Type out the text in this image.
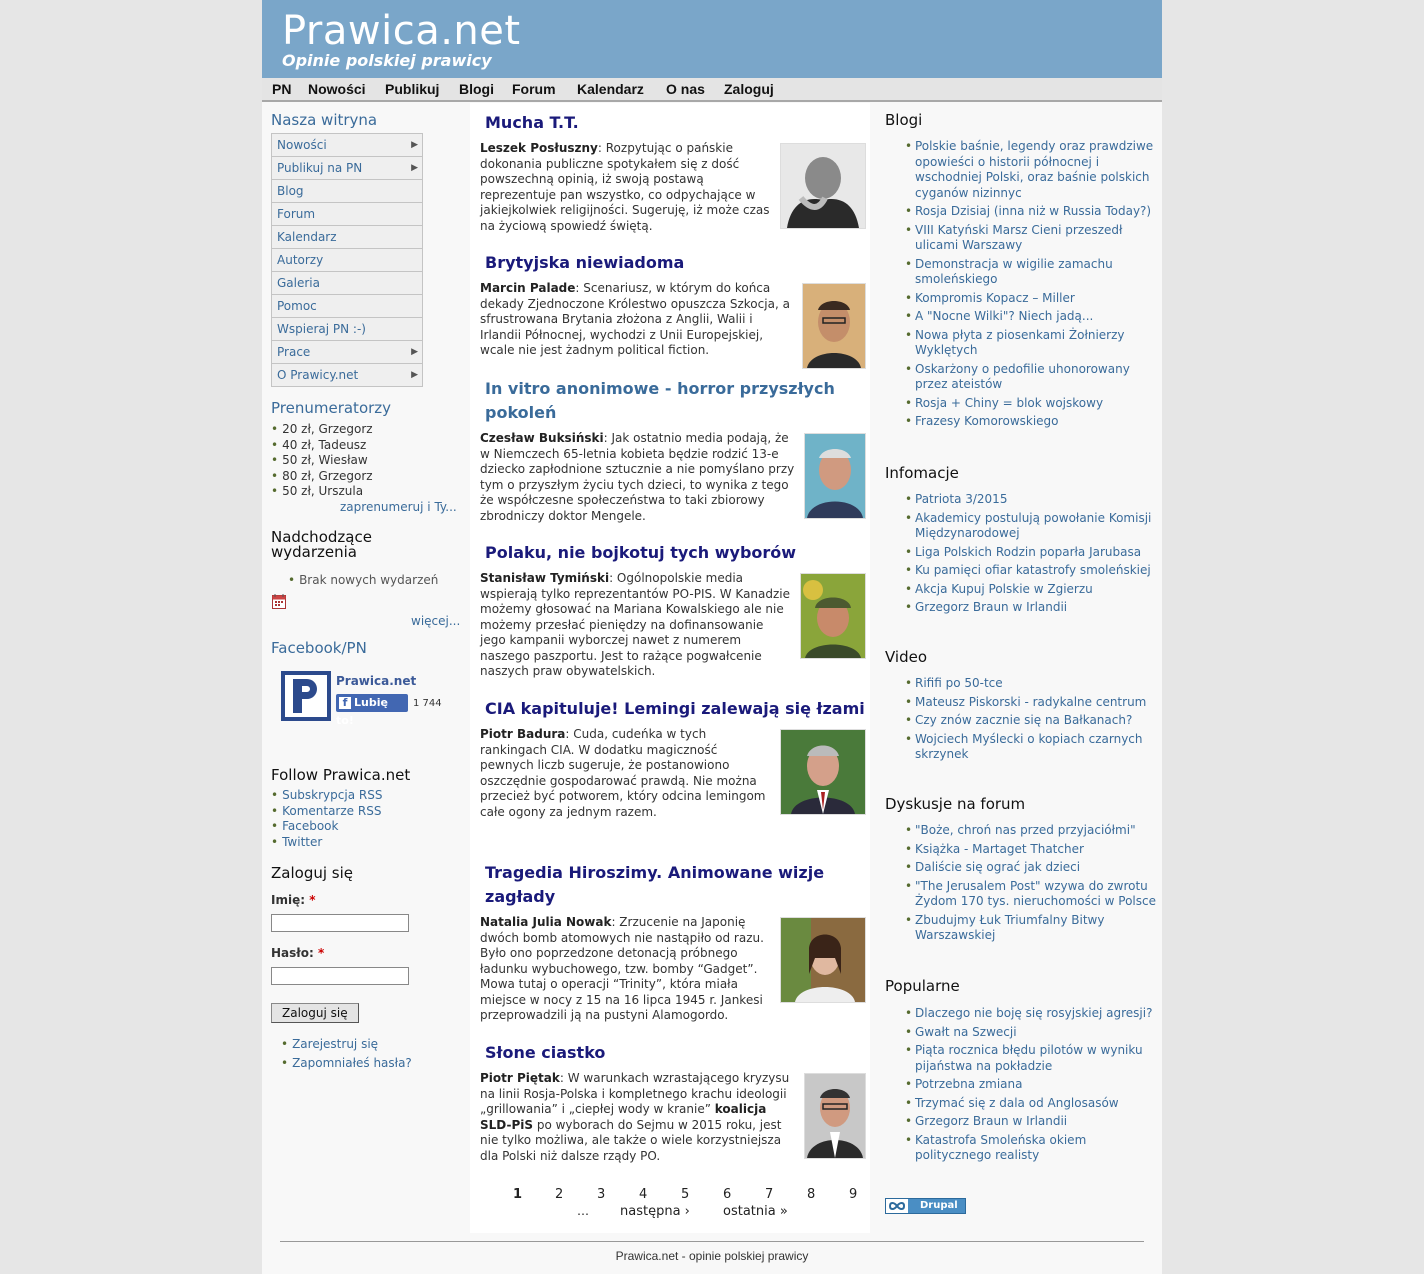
Prawica.net
Opinie polskiej prawicy
PN Nowości Publikuj Blogi Forum Kalendarz O nas Zaloguj
Nasza witryna
Nowości	▶
Publikuj na PN	▶
Blog
Forum
Kalendarz
Autorzy
Galeria
Pomoc
Wspieraj PN :-)
Prace	▶
O Prawicy.net	▶
Prenumeratorzy
• 20 zł, Grzegorz
• 40 zł, Tadeusz
• 50 zł, Wiesław
• 80 zł, Grzegorz
• 50 zł, Urszula
zaprenumeruj i Ty...
Nadchodzące wydarzenia
• Brak nowych wydarzeń
więcej...
Facebook/PN
Prawica.net
f Lubię to!
1 744
Follow Prawica.net
• Subskrypcja RSS
• Komentarze RSS
• Facebook
• Twitter
Zaloguj się
Imię: *
Hasło: *
Zaloguj się
• Zarejestruj się
• Zapomniałeś hasła?
Mucha T.T.
Leszek Posłuszny: Rozpytując o pańskie dokonania publiczne spotykałem się z dość powszechną opinią, iż swoją postawą reprezentuje pan wszystko, co odpychające w jakiejkolwiek religijności. Sugeruję, iż może czas na życiową spowiedź świętą.
Brytyjska niewiadoma
Marcin Palade: Scenariusz, w którym do końca dekady Zjednoczone Królestwo opuszcza Szkocja, a sfrustrowana Brytania złożona z Anglii, Walii i Irlandii Północnej, wychodzi z Unii Europejskiej, wcale nie jest żadnym political fiction.
In vitro anonimowe - horror przyszłych pokoleń
Czesław Buksiński: Jak ostatnio media podają, że w Niemczech 65-letnia kobieta będzie rodzić 13-e dziecko zapłodnione sztucznie a nie pomyślano przy tym o przyszłym życiu tych dzieci, to wynika z tego że współczesne społeczeństwa to taki zbiorowy zbrodniczy doktor Mengele.
Polaku, nie bojkotuj tych wyborów
Stanisław Tymiński: Ogólnopolskie media wspierają tylko reprezentantów PO-PIS. W Kanadzie możemy głosować na Mariana Kowalskiego ale nie możemy przesłać pieniędzy na dofinansowanie jego kampanii wyborczej nawet z numerem naszego paszportu. Jest to rażące pogwałcenie naszych praw obywatelskich.
CIA kapituluje! Lemingi zalewają się łzami
Piotr Badura: Cuda, cudeńka w tych rankingach CIA. W dodatku magiczność pewnych liczb sugeruje, że postanowiono oszczędnie gospodarować prawdą. Nie można przecież być potworem, który odcina lemingom całe ogony za jednym razem.
Tragedia Hiroszimy. Animowane wizje zagłady
Natalia Julia Nowak: Zrzucenie na Japonię dwóch bomb atomowych nie nastąpiło od razu. Było ono poprzedzone detonacją próbnego ładunku wybuchowego, tzw. bomby “Gadget”. Mowa tutaj o operacji “Trinity”, która miała miejsce w nocy z 15 na 16 lipca 1945 r. Jankesi przeprowadzili ją na pustyni Alamogordo.
Słone ciastko
Piotr Piętak: W warunkach wzrastającego kryzysu na linii Rosja-Polska i kompletnego krachu ideologii „grillowania” i „ciepłej wody w kranie” koalicja SLD-PiS po wyborach do Sejmu w 2015 roku, jest nie tylko możliwa, ale także o wiele korzystniejsza dla Polski niż dalsze rządy PO.
1	2	3	4	5	6	7	8	9
… następna ›	ostatnia »
Blogi
• Polskie baśnie, legendy oraz prawdziwe opowieści o historii północnej i wschodniej Polski, oraz baśnie polskich cyganów nizinnyc
• Rosja Dzisiaj (inna niż w Russia Today?)
• VIII Katyński Marsz Cieni przeszedł ulicami Warszawy
• Demonstracja w wigilie zamachu smoleńskiego
• Kompromis Kopacz – Miller
• A "Nocne Wilki"? Niech jadą...
• Nowa płyta z piosenkami Żołnierzy Wyklętych
• Oskarżony o pedofilie uhonorowany przez ateistów
• Rosja + Chiny = blok wojskowy
• Frazesy Komorowskiego
Infomacje
• Patriota 3/2015
• Akademicy postulują powołanie Komisji Międzynarodowej
• Liga Polskich Rodzin poparła Jarubasa
• Ku pamięci ofiar katastrofy smoleńskiej
• Akcja Kupuj Polskie w Zgierzu
• Grzegorz Braun w Irlandii
Video
• Rififi po 50-tce
• Mateusz Piskorski - radykalne centrum
• Czy znów zacznie się na Bałkanach?
• Wojciech Myślecki o kopiach czarnych skrzynek
Dyskusje na forum
• "Boże, chroń nas przed przyjaciółmi"
• Książka - Martaget Thatcher
• Daliście się ograć jak dzieci
• "The Jerusalem Post" wzywa do zwrotu Żydom 170 tys. nieruchomości w Polsce
• Zbudujmy Łuk Triumfalny Bitwy Warszawskiej
Popularne
• Dlaczego nie boję się rosyjskiej agresji?
• Gwałt na Szwecji
• Piąta rocznica błędu pilotów w wyniku pijaństwa na pokładzie
• Potrzebna zmiana
• Trzymać się z dala od Anglosasów
• Grzegorz Braun w Irlandii
• Katastrofa Smoleńska okiem politycznego realisty
Drupal
Prawica.net - opinie polskiej prawicy
